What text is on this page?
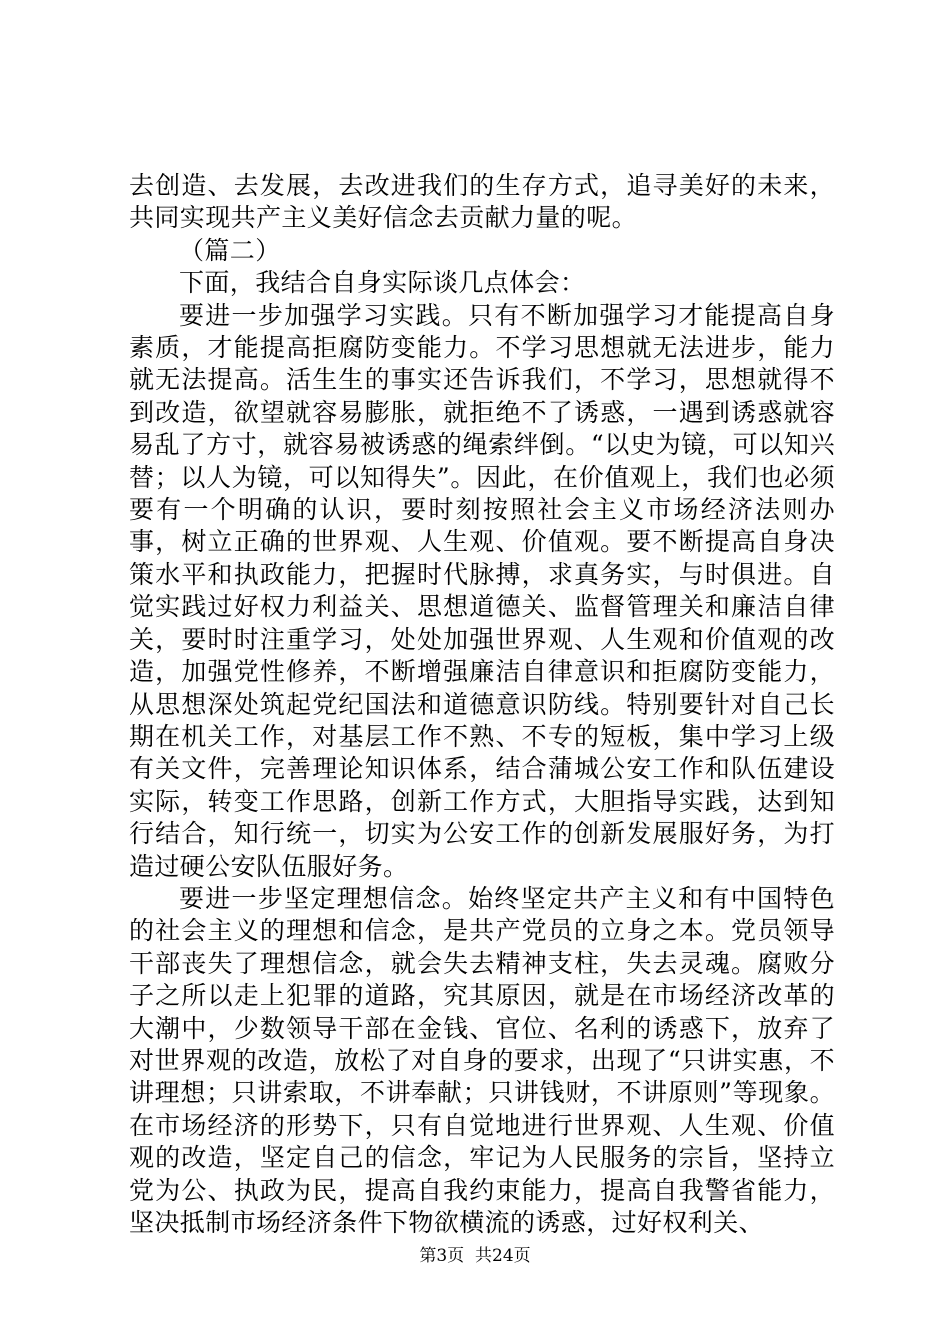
去创造、去发展，去改进我们的生存方式，追寻美好的未来，共同实现共产主义美好信念去贡献力量的呢。

（篇二）

下面，我结合自身实际谈几点体会：

要进一步加强学习实践。只有不断加强学习才能提高自身素质，才能提高拒腐防变能力。不学习思想就无法进步，能力就无法提高。活生生的事实还告诉我们，不学习，思想就得不到改造，欲望就容易膨胀，就拒绝不了诱惑，一遇到诱惑就容易乱了方寸，就容易被诱惑的绳索绊倒。“以史为镜，可以知兴替；以人为镜，可以知得失”。因此，在价值观上，我们也必须要有一个明确的认识，要时刻按照社会主义市场经济法则办事，树立正确的世界观、人生观、价值观。要不断提高自身决策水平和执政能力，把握时代脉搏，求真务实，与时俱进。自觉实践过好权力利益关、思想道德关、监督管理关和廉洁自律关，要时时注重学习，处处加强世界观、人生观和价值观的改造，加强党性修养，不断增强廉洁自律意识和拒腐防变能力，从思想深处筑起党纪国法和道德意识防线。特别要针对自己长期在机关工作，对基层工作不熟、不专的短板，集中学习上级有关文件，完善理论知识体系，结合蒲城公安工作和队伍建设实际，转变工作思路，创新工作方式，大胆指导实践，达到知行结合，知行统一，切实为公安工作的创新发展服好务，为打造过硬公安队伍服好务。

要进一步坚定理想信念。始终坚定共产主义和有中国特色的社会主义的理想和信念，是共产党员的立身之本。党员领导干部丧失了理想信念，就会失去精神支柱，失去灵魂。腐败分子之所以走上犯罪的道路，究其原因，就是在市场经济改革的大潮中，少数领导干部在金钱、官位、名利的诱惑下，放弃了对世界观的改造，放松了对自身的要求，出现了“只讲实惠，不讲理想；只讲索取，不讲奉献；只讲钱财，不讲原则”等现象。在市场经济的形势下，只有自觉地进行世界观、人生观、价值观的改造，坚定自己的信念，牢记为人民服务的宗旨，坚持立党为公、执政为民，提高自我约束能力，提高自我警省能力，坚决抵制市场经济条件下物欲横流的诱惑，过好权利关、

第3页 共24页
